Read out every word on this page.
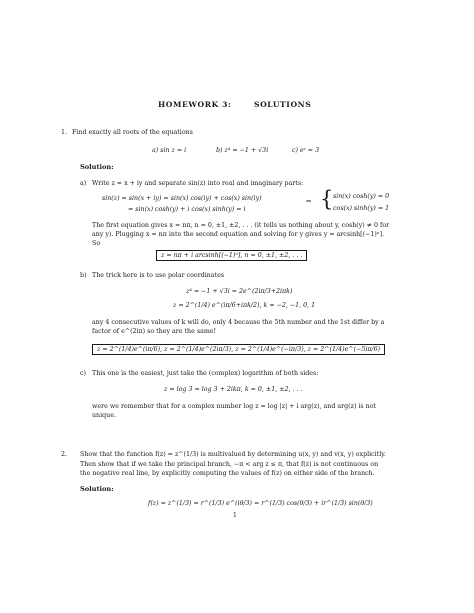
HOMEWORK 3:	SOLUTIONS
1. Find exactly all roots of the equations
a) sin z = i	b) z⁴ = −1 + √3i	c) eᶻ = 3
Solution:
a) Write z = x + iy and separate sin(z) into real and imaginary parts:
sin(z) = sin(x + iy) = sin(x) cos(iy) + cos(x) sin(iy)
= sin(x) cosh(y) + i cos(x) sinh(y) = i
⇒ { sin(x) cosh(y) = 0
cos(x) sinh(y) = 1
The first equation gives x = nπ, n = 0, ±1, ±2, . . . (it tells us nothing about y, cosh(y) ≠ 0 for
any y). Plugging x = nπ into the second equation and solving for y gives y = arcsinh[(−1)ⁿ].
So
z = nπ + i arcsinh[(−1)ⁿ], n = 0, ±1, ±2, . . .
b) The trick here is to use polar coordinates
z⁴ = −1 + √3i = 2e^(2iπ/3+2iπk)
z = 2^(1/4) e^(iπ/6+iπk/2), k = −2, −1, 0, 1
any 4 consecutive values of k will do, only 4 because the 5th number and the 1st differ by a
factor of e^(2iπ) so they are the same!
z = 2^(1/4)e^(iπ/6), z = 2^(1/4)e^(2iπ/3), z = 2^(1/4)e^(−iπ/3), z = 2^(1/4)e^(−5iπ/6)
c) This one is the easiest, just take the (complex) logarithm of both sides:
z = log 3 = log 3 + 2ikπ, k = 0, ±1, ±2, . . .
were we remember that for a complex number log z = log |z| + i arg(z), and arg(z) is not
unique.
2. Show that the function f(z) = z^(1/3) is multivalued by determining u(x, y) and v(x, y) explicitly.
Then show that if we take the principal branch, −π < arg z ≤ π, that f(z) is not continuous on
the negative real line, by explicitly computing the values of f(z) on either side of the branch.
Solution:
f(z) = z^(1/3) = r^(1/3) e^(iθ/3) = r^(1/3) cos(θ/3) + ir^(1/3) sin(θ/3)
1
